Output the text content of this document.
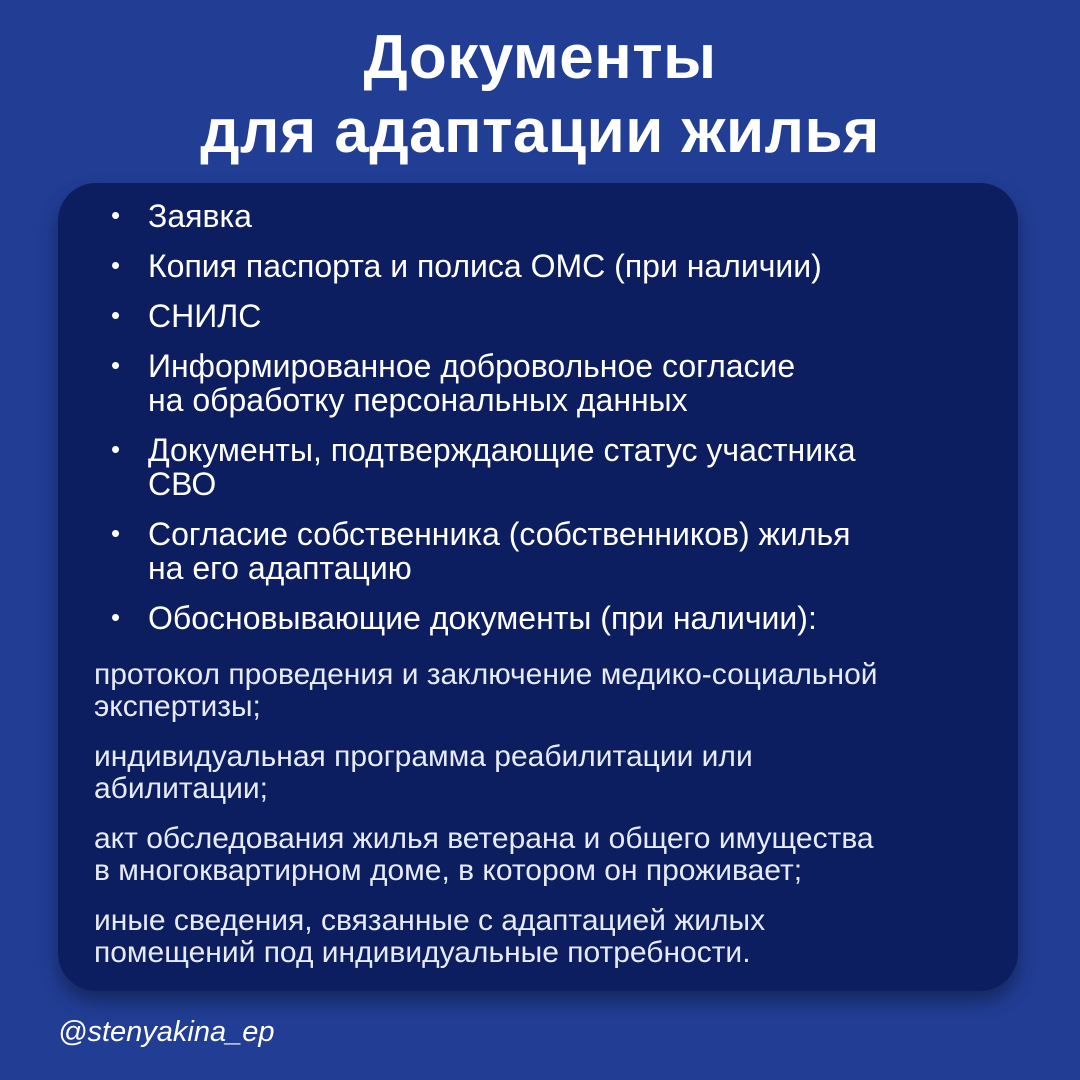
Документы
для адаптации жилья
• Заявка
• Копия паспорта и полиса ОМС (при наличии)
• СНИЛС
• Информированное добровольное согласие
на обработку персональных данных
• Документы, подтверждающие статус участника
СВО
• Согласие собственника (собственников) жилья
на его адаптацию
• Обосновывающие документы (при наличии):
протокол проведения и заключение медико-социальной
экспертизы;
индивидуальная программа реабилитации или
абилитации;
акт обследования жилья ветерана и общего имущества
в многоквартирном доме, в котором он проживает;
иные сведения, связанные с адаптацией жилых
помещений под индивидуальные потребности.
@stenyakina_ep
